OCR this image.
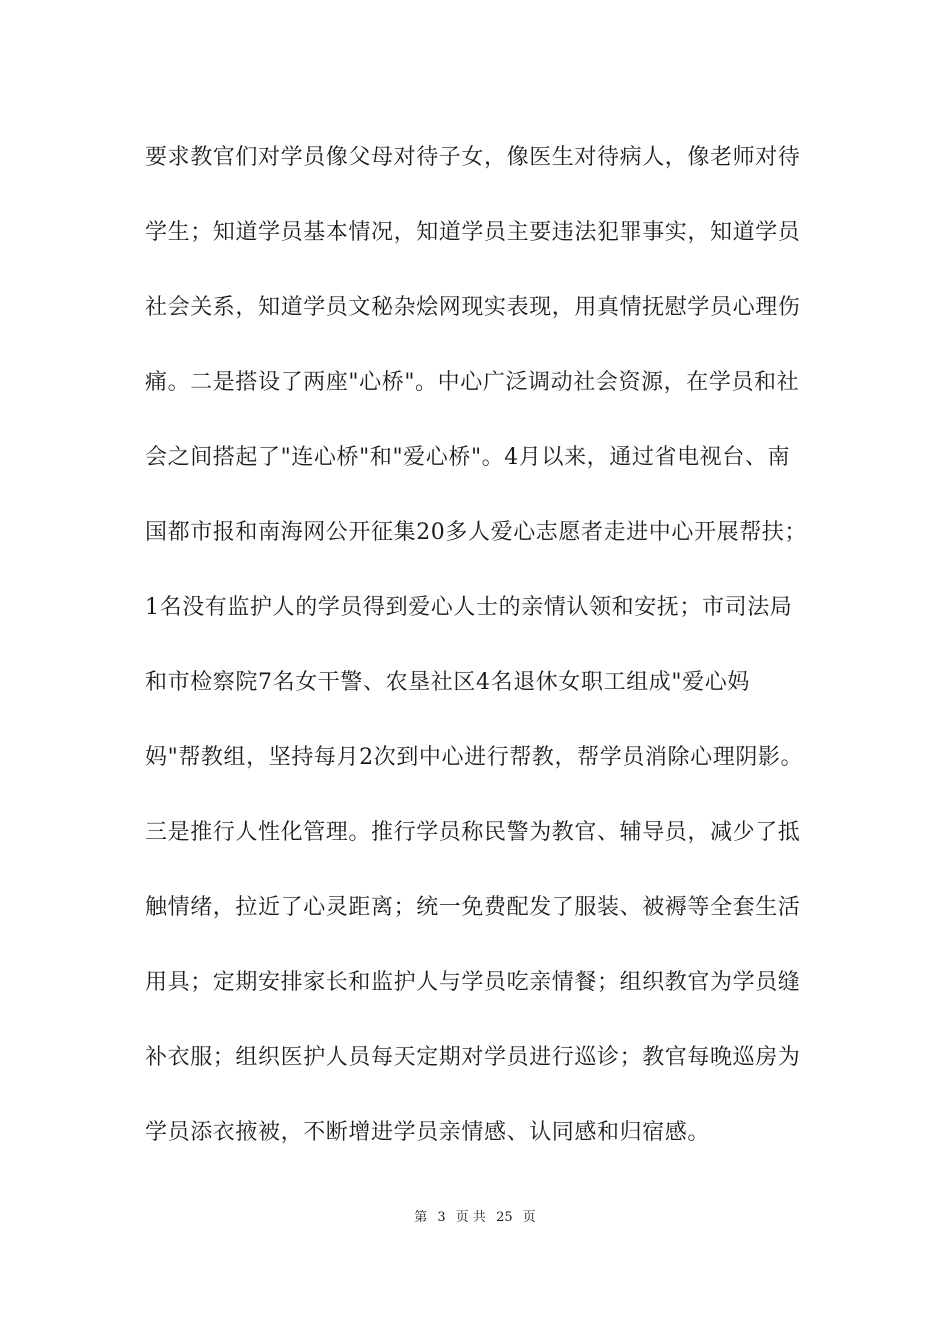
要求教官们对学员像父母对待子女，像医生对待病人，像老师对待
学生；知道学员基本情况，知道学员主要违法犯罪事实，知道学员
社会关系，知道学员文秘杂烩网现实表现，用真情抚慰学员心理伤
痛。二是搭设了两座"心桥"。中心广泛调动社会资源，在学员和社
会之间搭起了"连心桥"和"爱心桥"。4月以来，通过省电视台、南
国都市报和南海网公开征集20多人爱心志愿者走进中心开展帮扶；
1名没有监护人的学员得到爱心人士的亲情认领和安抚；市司法局
和市检察院7名女干警、农垦社区4名退休女职工组成"爱心妈
妈"帮教组，坚持每月2次到中心进行帮教，帮学员消除心理阴影。
三是推行人性化管理。推行学员称民警为教官、辅导员，减少了抵
触情绪，拉近了心灵距离；统一免费配发了服装、被褥等全套生活
用具；定期安排家长和监护人与学员吃亲情餐；组织教官为学员缝
补衣服；组织医护人员每天定期对学员进行巡诊；教官每晚巡房为
学员添衣掖被，不断增进学员亲情感、认同感和归宿感。
第 3 页 共 25 页
